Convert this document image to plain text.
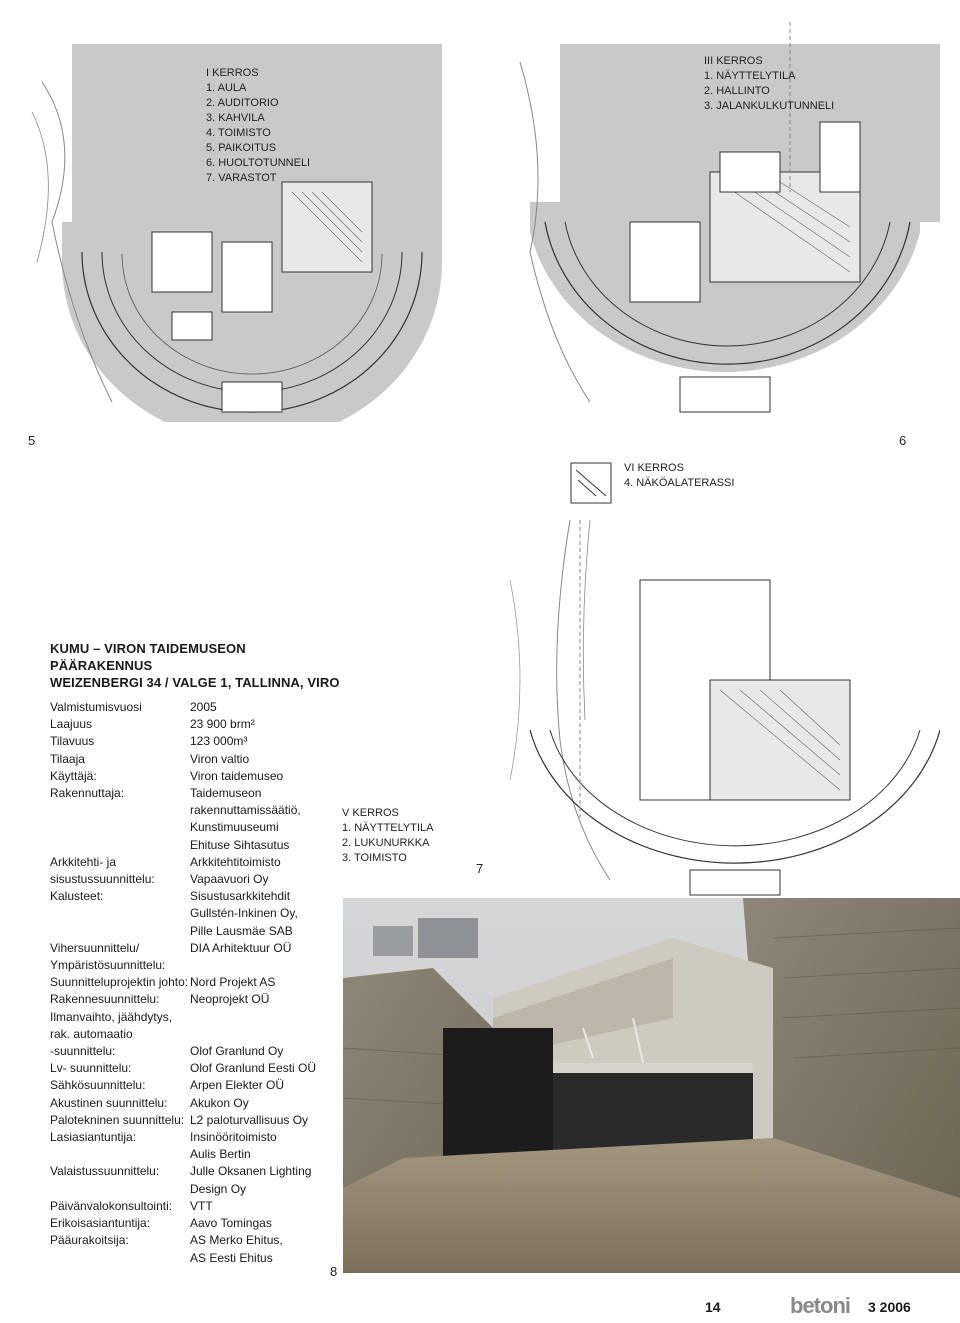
I KERROS
1. AULA
2. AUDITORIO
3. KAHVILA
4. TOIMISTO
5. PAIKOITUS
6. HUOLTOTUNNELI
7. VARASTOT
5
III KERROS
1. NÄYTTELYTILA
2. HALLINTO
3. JALANKULKUTUNNELI
6
VI KERROS
4. NÄKÖALATERASSI
V KERROS
1. NÄYTTELYTILA
2. LUKUNURKKA
3. TOIMISTO
7
KUMU – VIRON TAIDEMUSEON PÄÄRAKENNUS
WEIZENBERGI 34 / VALGE 1, TALLINNA, VIRO
Valmistumisvuosi	2005
Laajuus	23 900 brm²
Tilavuus	123 000m³
Tilaaja	Viron valtio
Käyttäjä:	Viron taidemuseo
Rakennuttaja:	Taidemuseon
rakennuttamissäätiö,
Kunstimuuseumi
Ehituse Sihtasutus
Arkkitehti- ja
sisustussuunnittelu:
Arkkitehtitoimisto
Vapaavuori Oy
Kalusteet:	Sisustusarkkitehdit
Gullstén-Inkinen Oy,
Pille Lausmäe SAB
Vihersuunnittelu/
Ympäristösuunnittelu:
DIA Arhitektuur OÜ
Suunnitteluprojektin johto: Nord Projekt AS
Rakennesuunnittelu:	Neoprojekt OÜ
Ilmanvaihto, jäähdytys,
rak. automaatio
-suunnittelu:	

Olof Granlund Oy
Lv- suunnittelu:	Olof Granlund Eesti OÜ
Sähkösuunnittelu:	Arpen Elekter OÜ
Akustinen suunnittelu:	Akukon Oy
Palotekninen suunnittelu: L2 paloturvallisuus Oy
Lasiasiantuntija:	Insinööritoimisto
Aulis Bertin
Valaistussuunnittelu:	Julle Oksanen Lighting
Design Oy
Päivänvalokonsultointi:	VTT
Erikoisasiantuntija:	Aavo Tomingas
Pääurakoitsija:	AS Merko Ehitus,
AS Eesti Ehitus
8
14	betoni 3 2006
